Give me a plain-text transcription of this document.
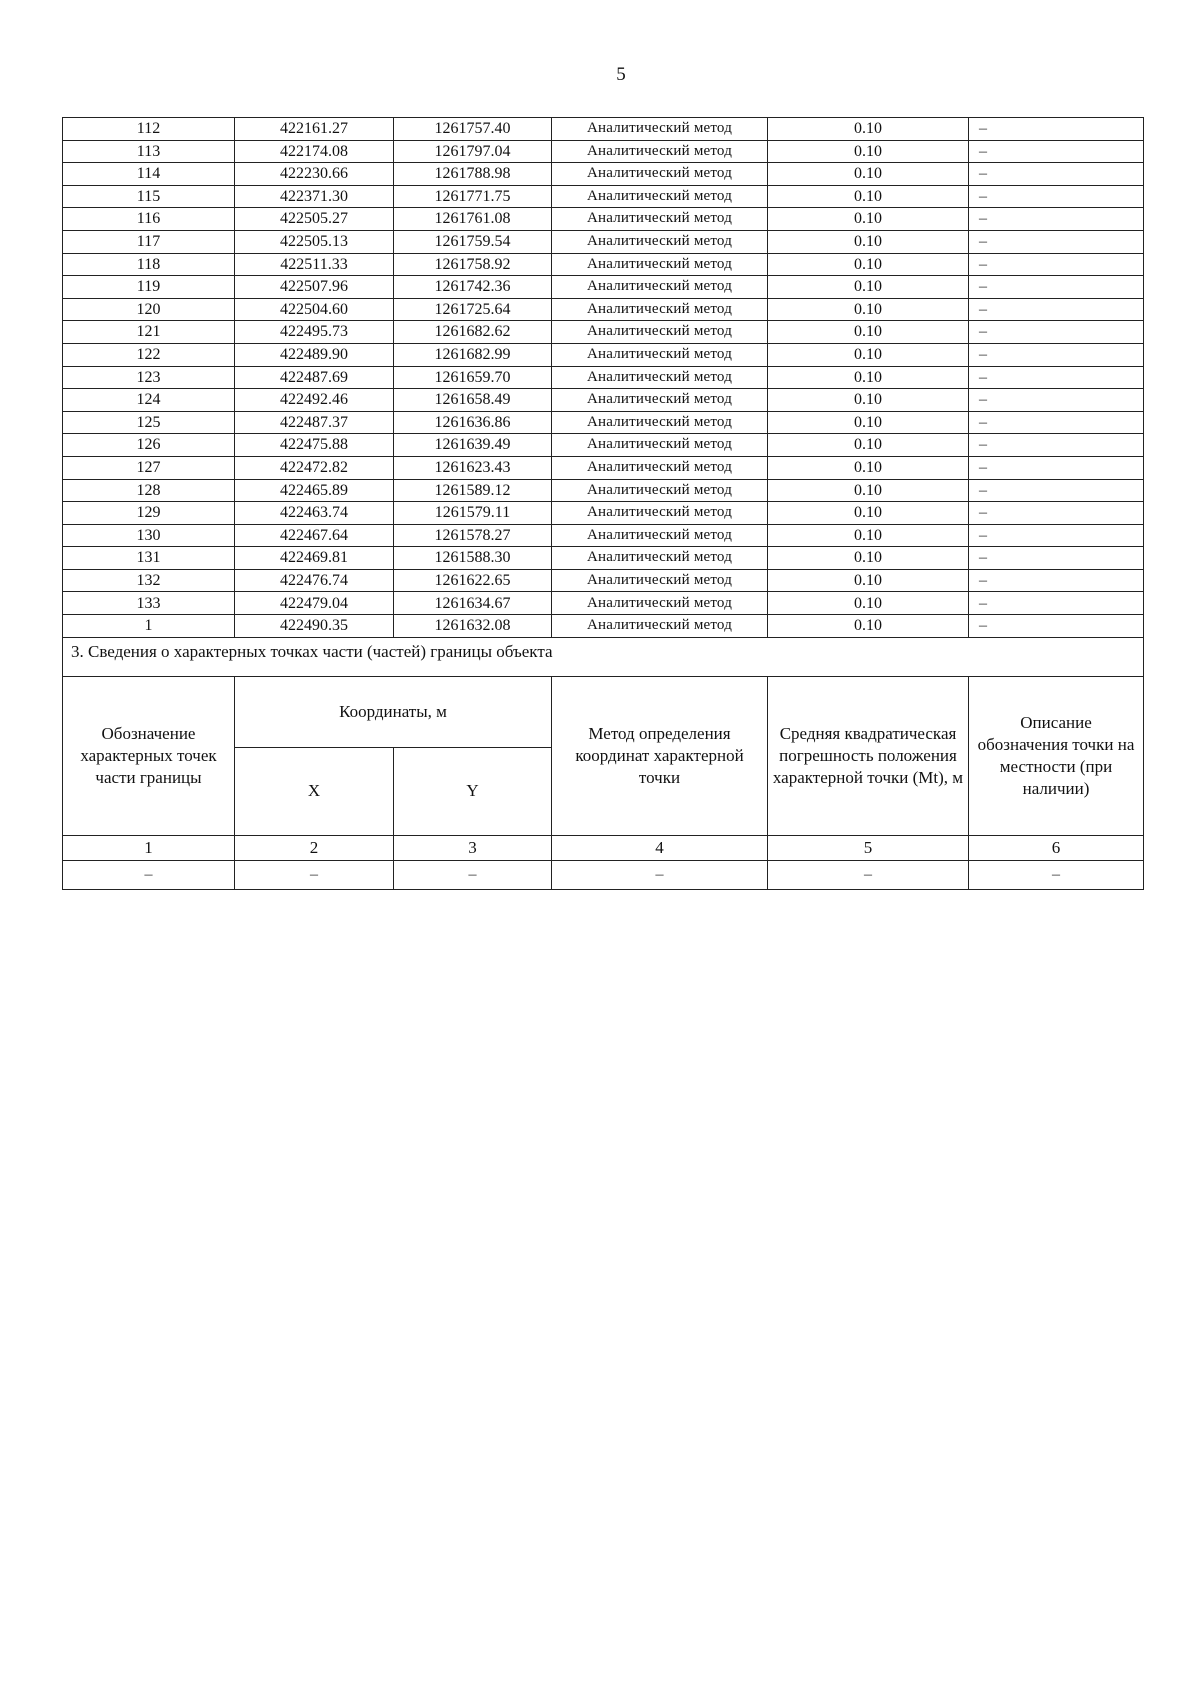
5
112	422161.27	1261757.40	Аналитический метод	0.10	–
113	422174.08	1261797.04	Аналитический метод	0.10	–
114	422230.66	1261788.98	Аналитический метод	0.10	–
115	422371.30	1261771.75	Аналитический метод	0.10	–
116	422505.27	1261761.08	Аналитический метод	0.10	–
117	422505.13	1261759.54	Аналитический метод	0.10	–
118	422511.33	1261758.92	Аналитический метод	0.10	–
119	422507.96	1261742.36	Аналитический метод	0.10	–
120	422504.60	1261725.64	Аналитический метод	0.10	–
121	422495.73	1261682.62	Аналитический метод	0.10	–
122	422489.90	1261682.99	Аналитический метод	0.10	–
123	422487.69	1261659.70	Аналитический метод	0.10	–
124	422492.46	1261658.49	Аналитический метод	0.10	–
125	422487.37	1261636.86	Аналитический метод	0.10	–
126	422475.88	1261639.49	Аналитический метод	0.10	–
127	422472.82	1261623.43	Аналитический метод	0.10	–
128	422465.89	1261589.12	Аналитический метод	0.10	–
129	422463.74	1261579.11	Аналитический метод	0.10	–
130	422467.64	1261578.27	Аналитический метод	0.10	–
131	422469.81	1261588.30	Аналитический метод	0.10	–
132	422476.74	1261622.65	Аналитический метод	0.10	–
133	422479.04	1261634.67	Аналитический метод	0.10	–
1	422490.35	1261632.08	Аналитический метод	0.10	–
3. Сведения о характерных точках части (частей) границы объекта					

Обозначение характерных точек части границы	Координаты, м		Метод определения координат характерной точки	Средняя квадратическая погрешность положения характерной точки (Mt), м	Описание обозначения точки на местности (при наличии)
	X	Y			
1	2	3	4	5	6
–	–	–	–	–	–
